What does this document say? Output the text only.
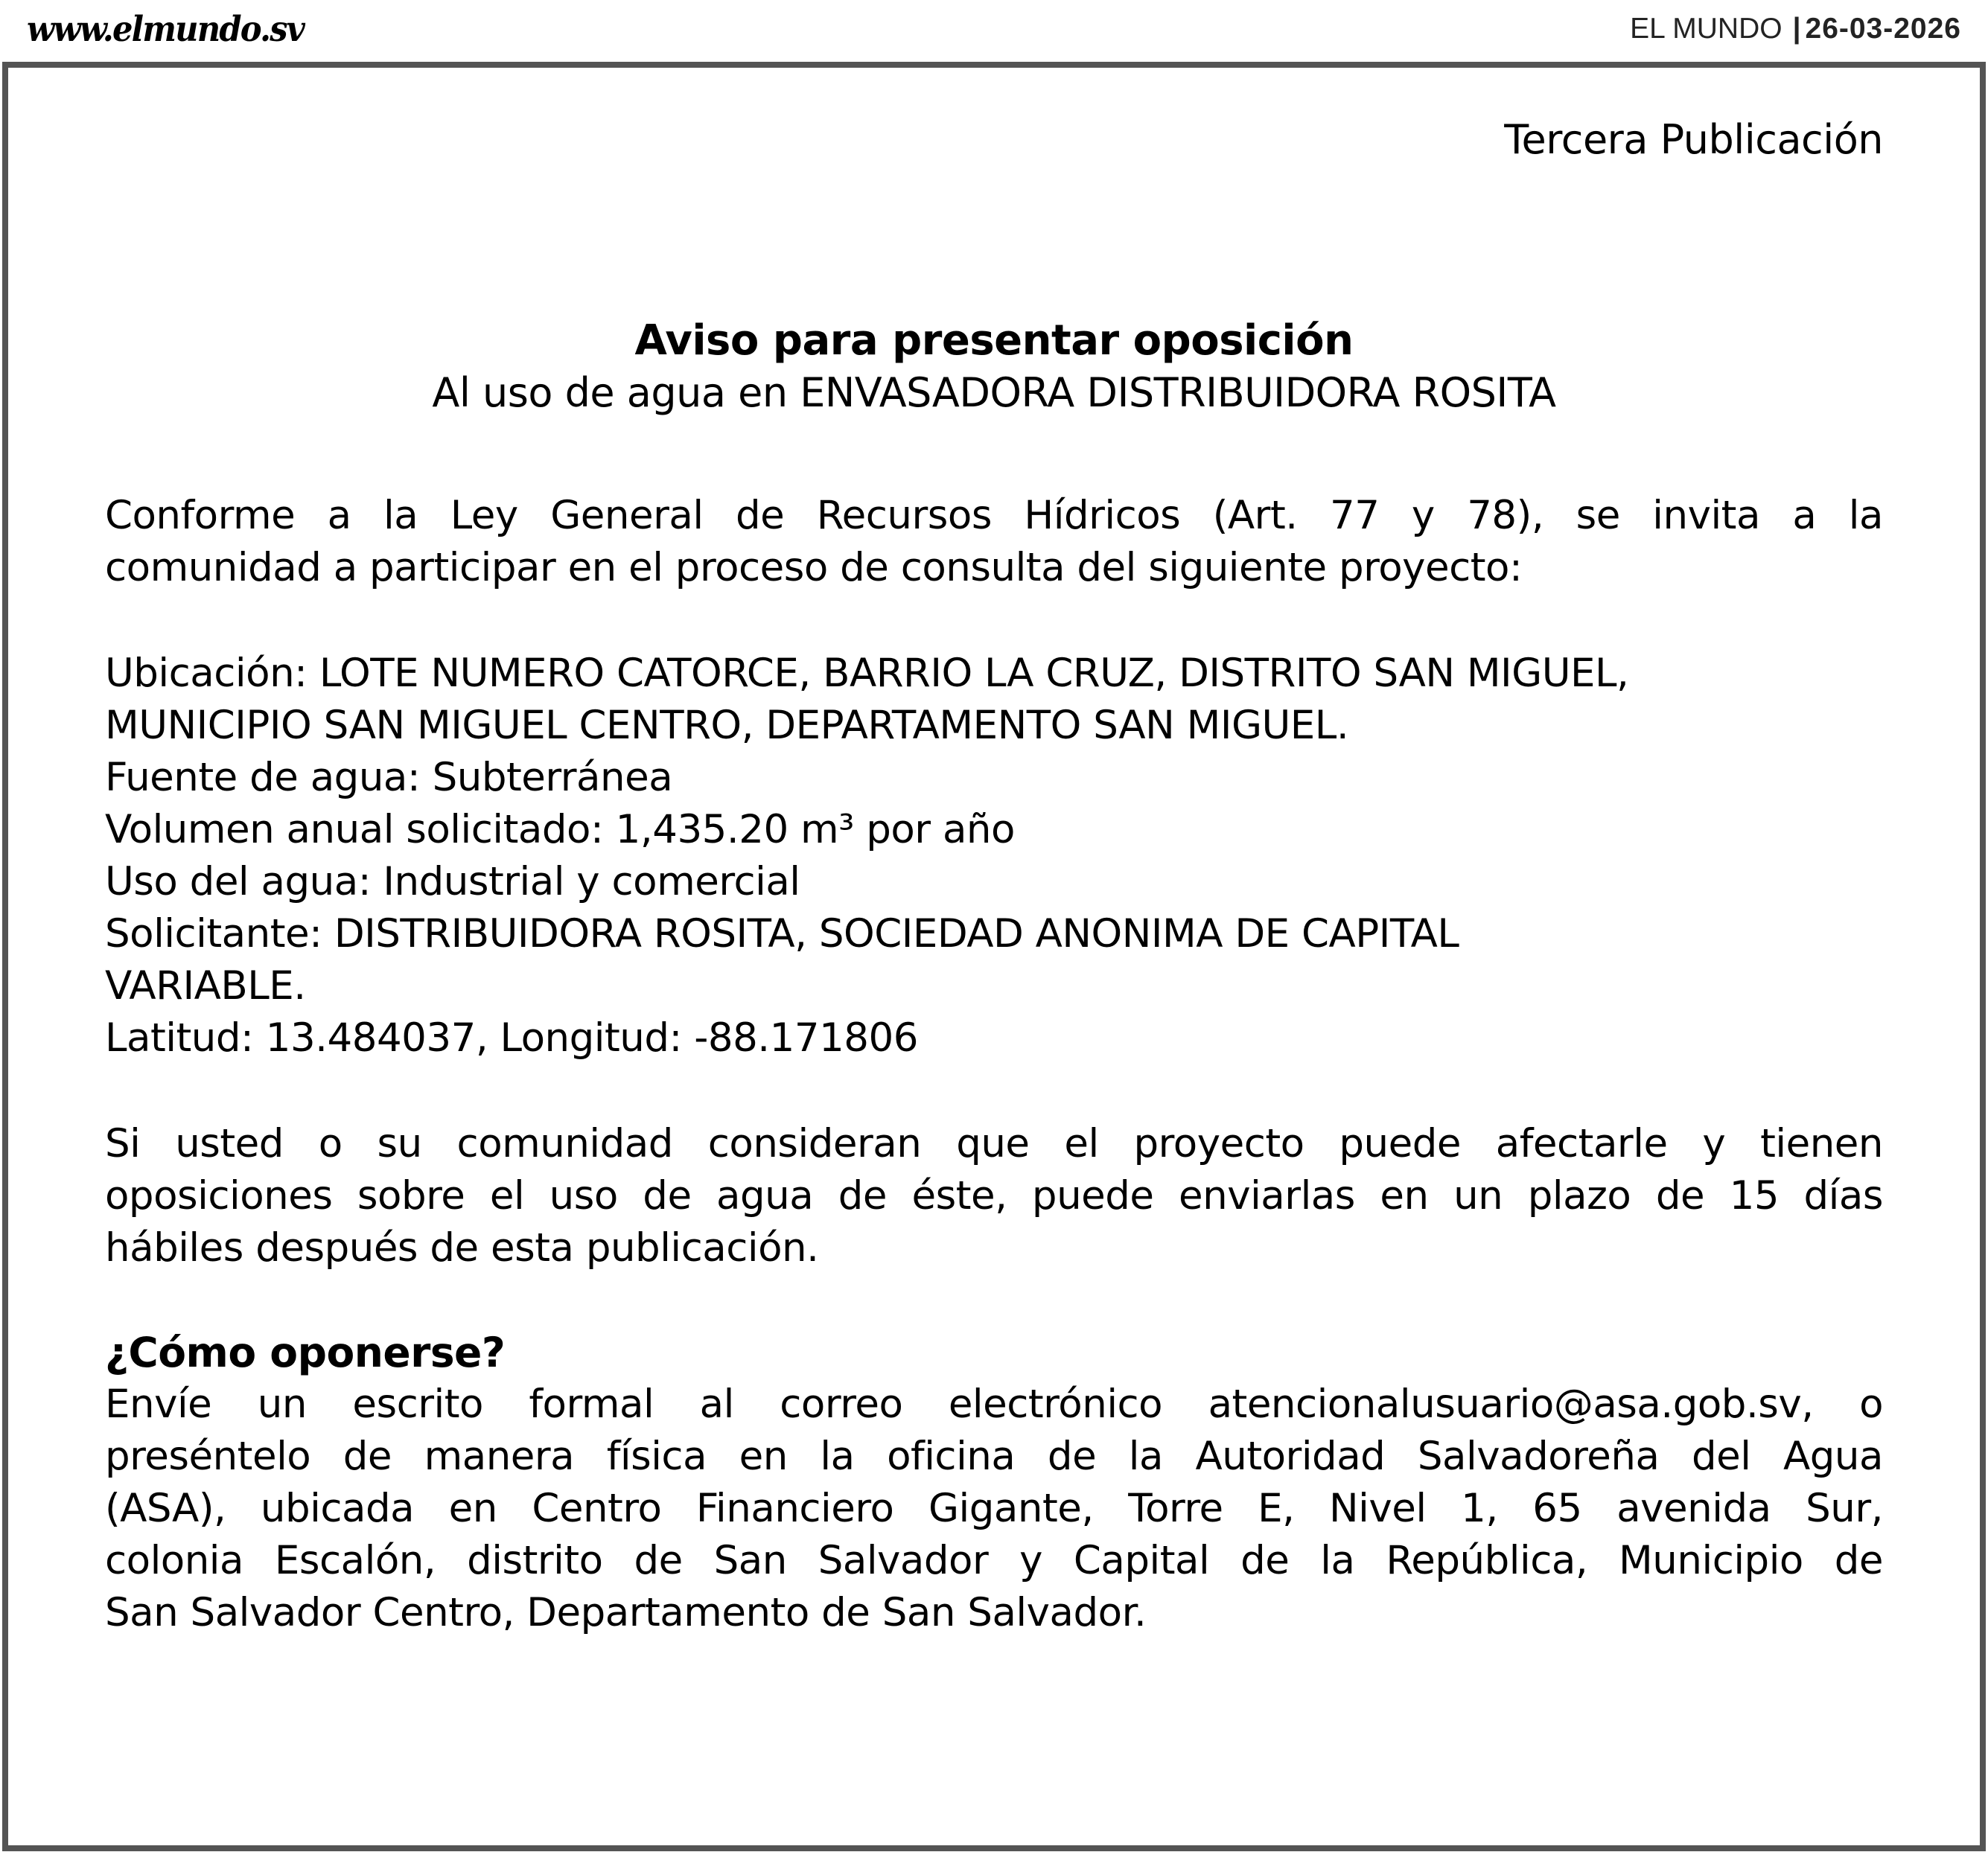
www.elmundo.sv	EL MUNDO | 26-03-2026
Tercera Publicación
Aviso para presentar oposición
Al uso de agua en ENVASADORA DISTRIBUIDORA ROSITA
Conforme a la Ley General de Recursos Hídricos (Art. 77 y 78), se invita a la
comunidad a participar en el proceso de consulta del siguiente proyecto:
Ubicación: LOTE NUMERO CATORCE, BARRIO LA CRUZ, DISTRITO SAN MIGUEL,
MUNICIPIO SAN MIGUEL CENTRO, DEPARTAMENTO SAN MIGUEL.
Fuente de agua: Subterránea
Volumen anual solicitado: 1,435.20 m³ por año
Uso del agua: Industrial y comercial
Solicitante: DISTRIBUIDORA ROSITA, SOCIEDAD ANONIMA DE CAPITAL
VARIABLE.
Latitud: 13.484037, Longitud: -88.171806
Si usted o su comunidad consideran que el proyecto puede afectarle y tienen
oposiciones sobre el uso de agua de éste, puede enviarlas en un plazo de 15 días
hábiles después de esta publicación.
¿Cómo oponerse?
Envíe un escrito formal al correo electrónico atencionalusuario@asa.gob.sv, o
preséntelo de manera física en la oficina de la Autoridad Salvadoreña del Agua
(ASA), ubicada en Centro Financiero Gigante, Torre E, Nivel 1, 65 avenida Sur,
colonia Escalón, distrito de San Salvador y Capital de la República, Municipio de
San Salvador Centro, Departamento de San Salvador.
